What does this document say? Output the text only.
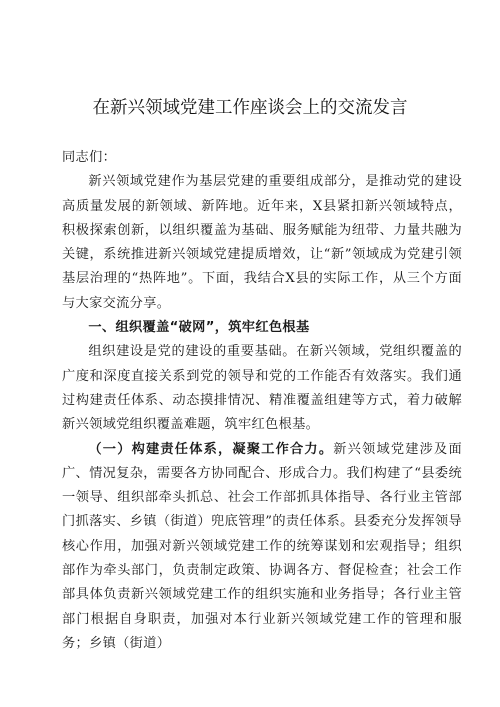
在新兴领域党建工作座谈会上的交流发言

同志们：

新兴领域党建作为基层党建的重要组成部分，是推动党的建设高质量发展的新领域、新阵地。近年来，X县紧扣新兴领域特点，积极探索创新，以组织覆盖为基础、服务赋能为纽带、力量共融为关键，系统推进新兴领域党建提质增效，让“新”领域成为党建引领基层治理的“热阵地”。下面，我结合X县的实际工作，从三个方面与大家交流分享。

一、组织覆盖“破网”，筑牢红色根基

组织建设是党的建设的重要基础。在新兴领域，党组织覆盖的广度和深度直接关系到党的领导和党的工作能否有效落实。我们通过构建责任体系、动态摸排情况、精准覆盖组建等方式，着力破解新兴领域党组织覆盖难题，筑牢红色根基。

（一）构建责任体系，凝聚工作合力。新兴领域党建涉及面广、情况复杂，需要各方协同配合、形成合力。我们构建了“县委统一领导、组织部牵头抓总、社会工作部抓具体指导、各行业主管部门抓落实、乡镇（街道）兜底管理”的责任体系。县委充分发挥领导核心作用，加强对新兴领域党建工作的统筹谋划和宏观指导；组织部作为牵头部门，负责制定政策、协调各方、督促检查；社会工作部具体负责新兴领域党建工作的组织实施和业务指导；各行业主管部门根据自身职责，加强对本行业新兴领域党建工作的管理和服务；乡镇（街道）
